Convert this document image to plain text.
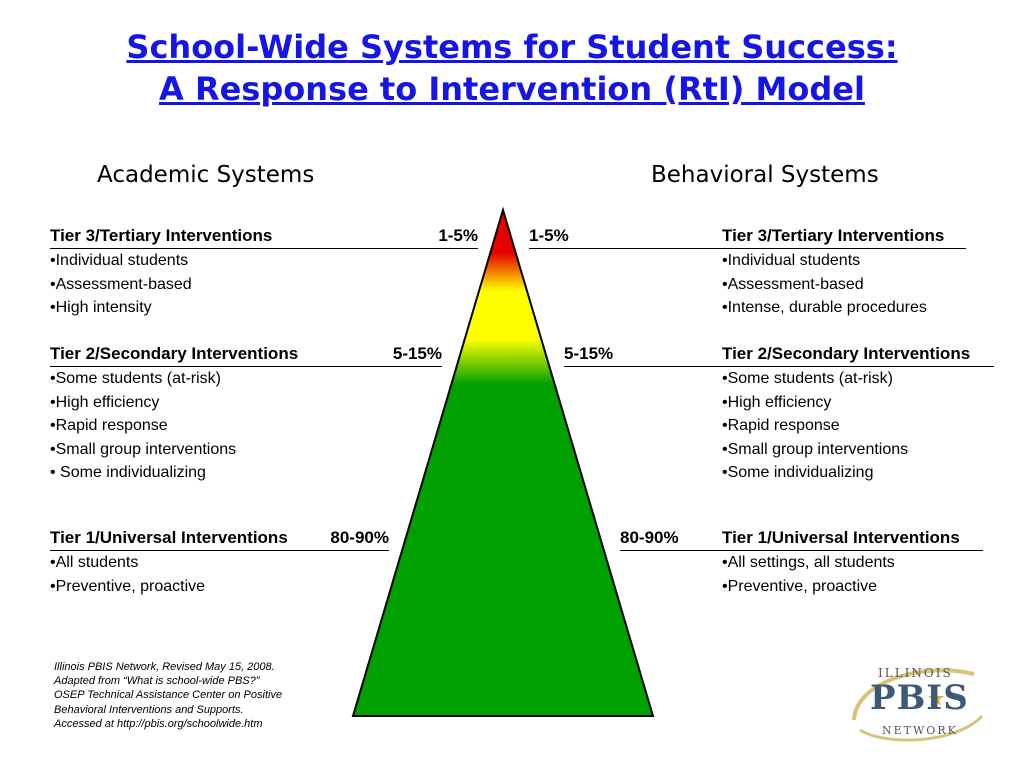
School-Wide Systems for Student Success:
A Response to Intervention (RtI) Model
Academic Systems	Behavioral Systems
Tier 3/Tertiary Interventions	1-5%
• Individual students
• Assessment-based
• High intensity
Tier 2/Secondary Interventions	5-15%
• Some students (at-risk)
• High efficiency
• Rapid response
• Small group interventions
• Some individualizing
Tier 1/Universal Interventions	80-90%
• All students
• Preventive, proactive
1-5%	Tier 3/Tertiary Interventions
• Individual students
• Assessment-based
• Intense, durable procedures
5-15%	Tier 2/Secondary Interventions
• Some students (at-risk)
• High efficiency
• Rapid response
• Small group interventions
• Some individualizing
80-90%	Tier 1/Universal Interventions
• All settings, all students
• Preventive, proactive
Illinois PBIS Network, Revised May 15, 2008.
Adapted from “What is school-wide PBS?”
OSEP Technical Assistance Center on Positive
Behavioral Interventions and Supports.
Accessed at http://pbis.org/schoolwide.htm
ILLINOIS
PBIS
NETWORK
